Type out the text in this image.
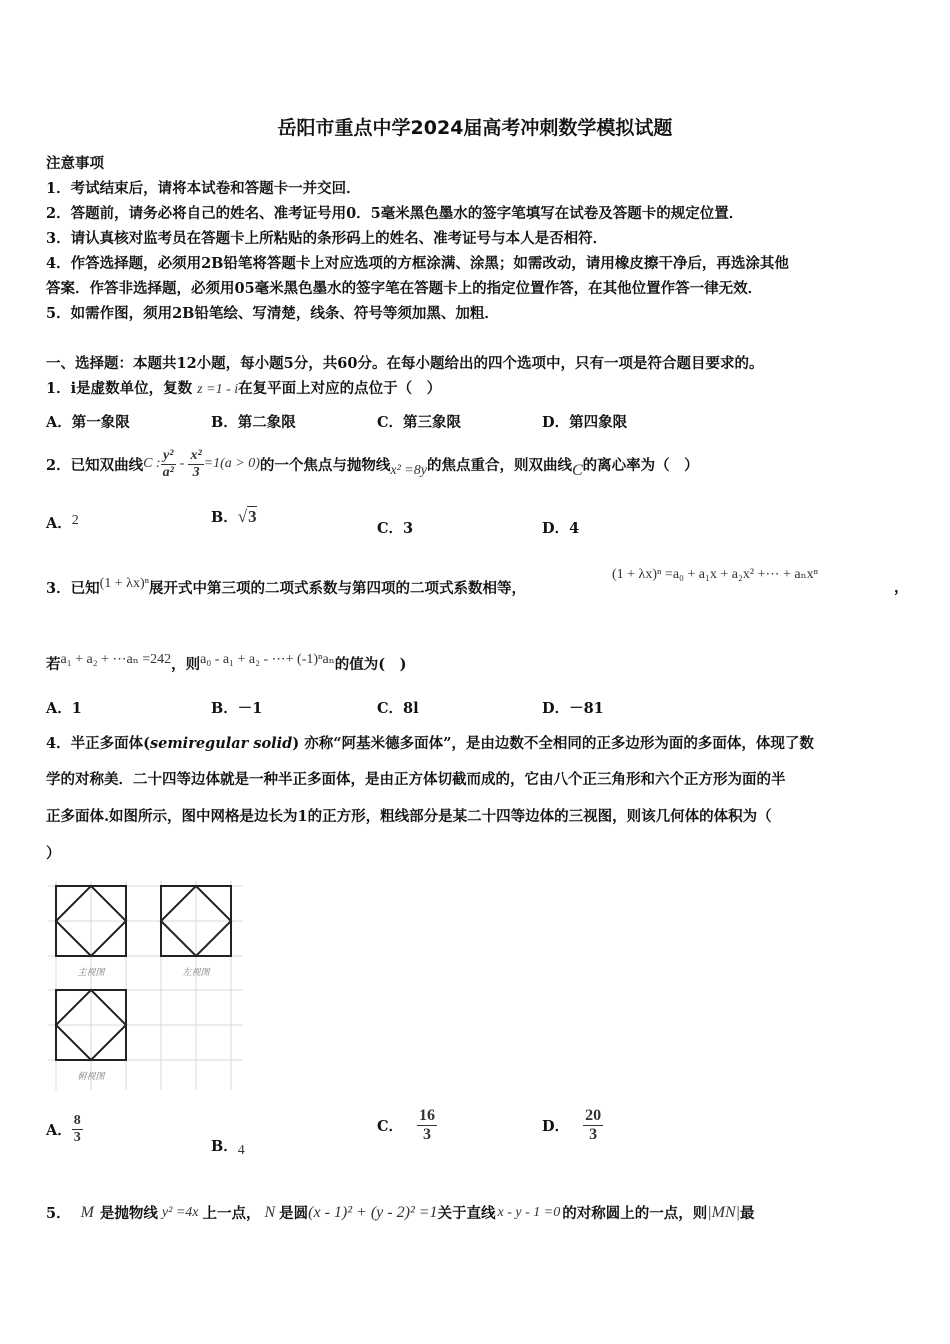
岳阳市重点中学2024届高考冲刺数学模拟试题
注意事项
1．考试结束后，请将本试卷和答题卡一并交回．
2．答题前，请务必将自己的姓名、准考证号用0．5毫米黑色墨水的签字笔填写在试卷及答题卡的规定位置．
3．请认真核对监考员在答题卡上所粘贴的条形码上的姓名、准考证号与本人是否相符．
4．作答选择题，必须用2B铅笔将答题卡上对应选项的方框涂满、涂黑；如需改动，请用橡皮擦干净后，再选涂其他
答案．作答非选择题，必须用05毫米黑色墨水的签字笔在答题卡上的指定位置作答，在其他位置作答一律无效．
5．如需作图，须用2B铅笔绘、写清楚，线条、符号等须加黑、加粗．
一、选择题：本题共12小题，每小题5分，共60分。在每小题给出的四个选项中，只有一项是符合题目要求的。
1．i是虚数单位，复数 z =1 - i在复平面上对应的点位于（　）
A．第一象限	B．第二象限	C．第三象限	D．第四象限
2．已知双曲线 C : $\frac{\text{y²}}{\text{a²}} - \frac{\text{x²}}{3} =1(a > 0)$ 的一个焦点与抛物线 x² =8y 的焦点重合，则双曲线 C 的离心率为（　）
A．2	B．√3
C．3	D．4
3．已知(1 + λx)ⁿ展开式中第三项的二项式系数与第四项的二项式系数相等，
(1 + λx)ⁿ =a₀ + a₁x + a₂x² +⋯ + aₙxⁿ
，
若a₁ + a₂ + ⋯aₙ =242，则a₀ - a₁ + a₂ - ⋯+ (-1)ⁿaₙ的值为(　)
A．1	B．－1	C．8l	D．－81
4．半正多面体(semiregular solid) 亦称“阿基米德多面体”，是由边数不全相同的正多边形为面的多面体，体现了数
学的对称美．二十四等边体就是一种半正多面体，是由正方体切截而成的，它由八个正三角形和六个正方形为面的半
正多面体.如图所示，图中网格是边长为1的正方形，粗线部分是某二十四等边体的三视图，则该几何体的体积为（
）
主视图	左视图
俯视图
A． $\frac{8}{3}$
B．4
C． $\frac{16}{3}$	D． $\frac{20}{3}$
5． M 是抛物线 y² =4x 上一点， N 是圆 (x - 1)² + (y - 2)² =1 关于直线 x - y - 1 =0 的对称圆上的一点，则 |MN| 最
